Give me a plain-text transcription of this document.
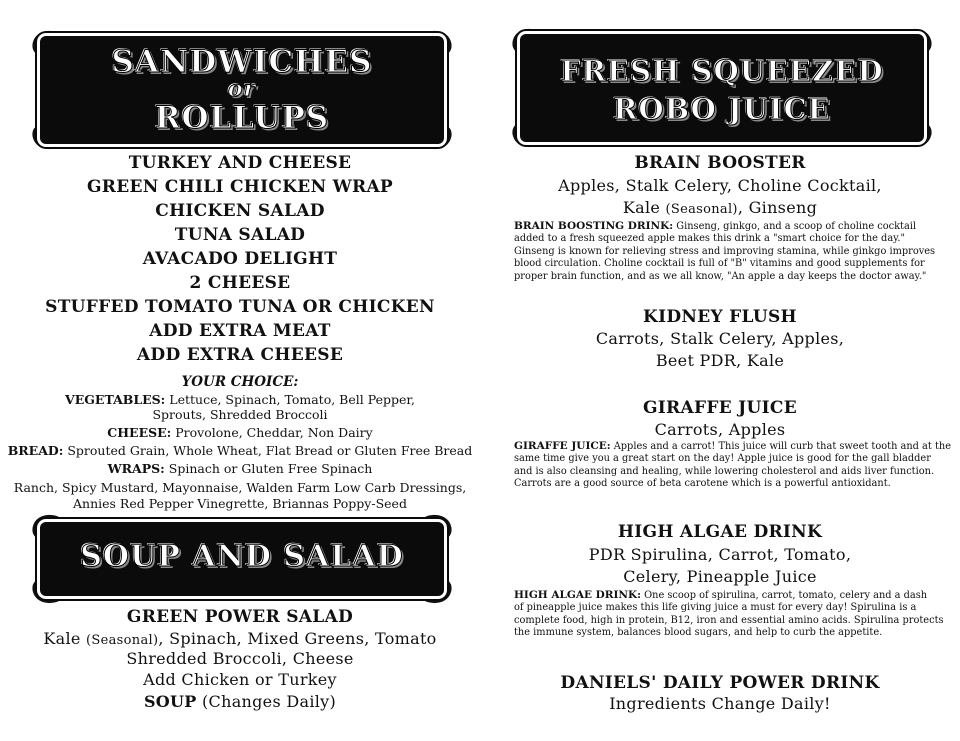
SANDWICHES
or
ROLLUPS
TURKEY AND CHEESE
GREEN CHILI CHICKEN WRAP
CHICKEN SALAD
TUNA SALAD
AVACADO DELIGHT
2 CHEESE
STUFFED TOMATO TUNA OR CHICKEN
ADD EXTRA MEAT
ADD EXTRA CHEESE
YOUR CHOICE:
VEGETABLES: Lettuce, Spinach, Tomato, Bell Pepper,
Sprouts, Shredded Broccoli
CHEESE: Provolone, Cheddar, Non Dairy
BREAD: Sprouted Grain, Whole Wheat, Flat Bread or Gluten Free Bread
WRAPS: Spinach or Gluten Free Spinach
Ranch, Spicy Mustard, Mayonnaise, Walden Farm Low Carb Dressings,
Annies Red Pepper Vinegrette, Briannas Poppy-Seed
SOUP AND SALAD
GREEN POWER SALAD
Kale (Seasonal), Spinach, Mixed Greens, Tomato
Shredded Broccoli, Cheese
Add Chicken or Turkey
SOUP (Changes Daily)
FRESH SQUEEZED
ROBO JUICE
BRAIN BOOSTER
Apples, Stalk Celery, Choline Cocktail,
Kale (Seasonal), Ginseng
BRAIN BOOSTING DRINK: Ginseng, ginkgo, and a scoop of choline cocktail
added to a fresh squeezed apple makes this drink a "smart choice for the day."
Ginseng is known for relieving stress and improving stamina, while ginkgo improves
blood circulation. Choline cocktail is full of "B" vitamins and good supplements for
proper brain function, and as we all know, "An apple a day keeps the doctor away."
KIDNEY FLUSH
Carrots, Stalk Celery, Apples,
Beet PDR, Kale
GIRAFFE JUICE
Carrots, Apples
GIRAFFE JUICE: Apples and a carrot! This juice will curb that sweet tooth and at the
same time give you a great start on the day! Apple juice is good for the gall bladder
and is also cleansing and healing, while lowering cholesterol and aids liver function.
Carrots are a good source of beta carotene which is a powerful antioxidant.
HIGH ALGAE DRINK
PDR Spirulina, Carrot, Tomato,
Celery, Pineapple Juice
HIGH ALGAE DRINK: One scoop of spirulina, carrot, tomato, celery and a dash
of pineapple juice makes this life giving juice a must for every day! Spirulina is a
complete food, high in protein, B12, iron and essential amino acids. Spirulina protects
the immune system, balances blood sugars, and help to curb the appetite.
DANIELS' DAILY POWER DRINK
Ingredients Change Daily!
